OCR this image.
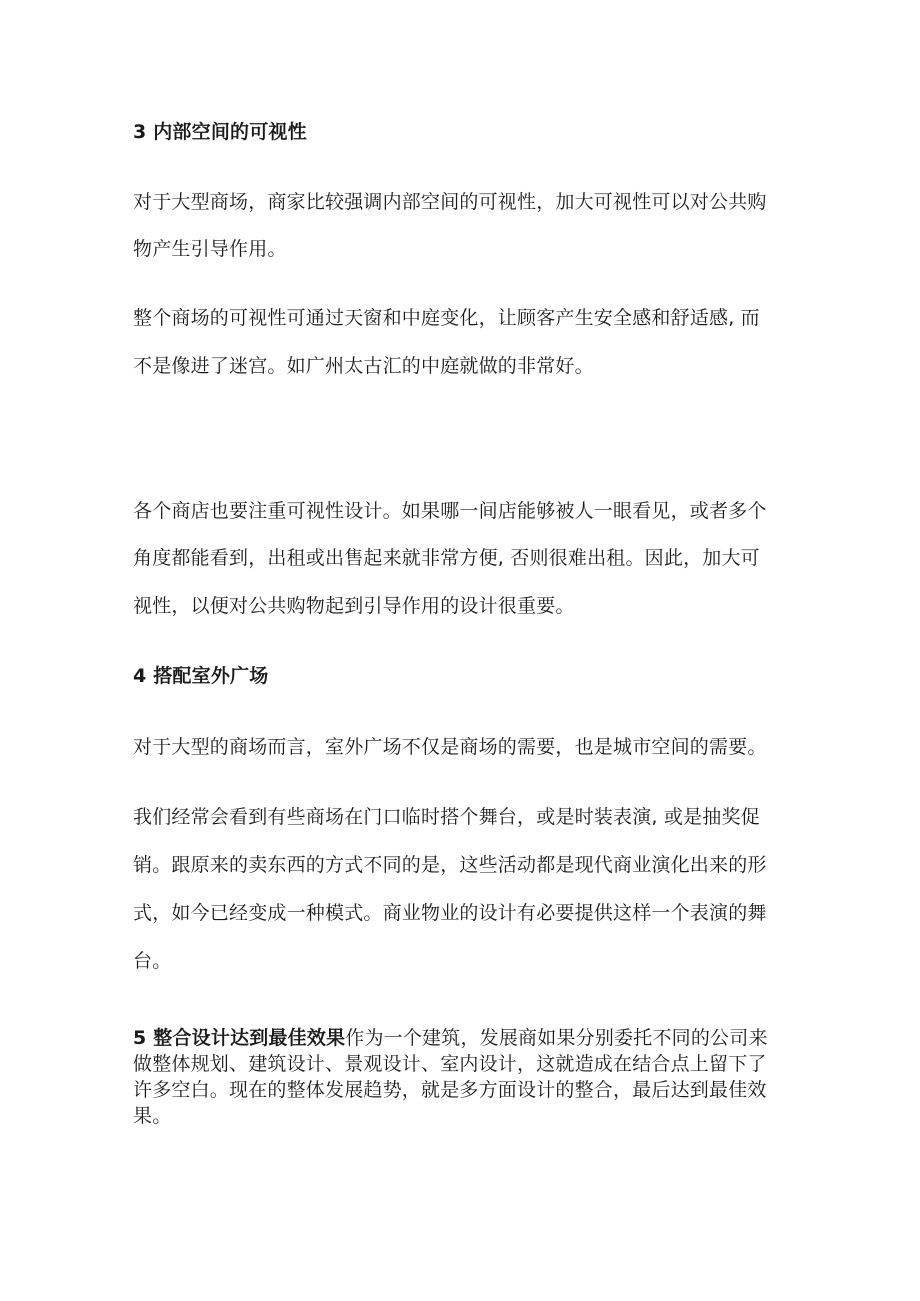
3 内部空间的可视性
对于大型商场，商家比较强调内部空间的可视性，加大可视性可以对公共购
物产生引导作用。
整个商场的可视性可通过天窗和中庭变化，让顾客产生安全感和舒适感, 而
不是像进了迷宫。如广州太古汇的中庭就做的非常好。
各个商店也要注重可视性设计。如果哪一间店能够被人一眼看见，或者多个
角度都能看到，出租或出售起来就非常方便, 否则很难出租。因此，加大可
视性，以便对公共购物起到引导作用的设计很重要。
4 搭配室外广场
对于大型的商场而言，室外广场不仅是商场的需要，也是城市空间的需要。
我们经常会看到有些商场在门口临时搭个舞台，或是时装表演, 或是抽奖促
销。跟原来的卖东西的方式不同的是，这些活动都是现代商业演化出来的形
式，如今已经变成一种模式。商业物业的设计有必要提供这样一个表演的舞
台。
5 整合设计达到最佳效果作为一个建筑，发展商如果分别委托不同的公司来
做整体规划、建筑设计、景观设计、室内设计，这就造成在结合点上留下了
许多空白。现在的整体发展趋势，就是多方面设计的整合，最后达到最佳效
果。
